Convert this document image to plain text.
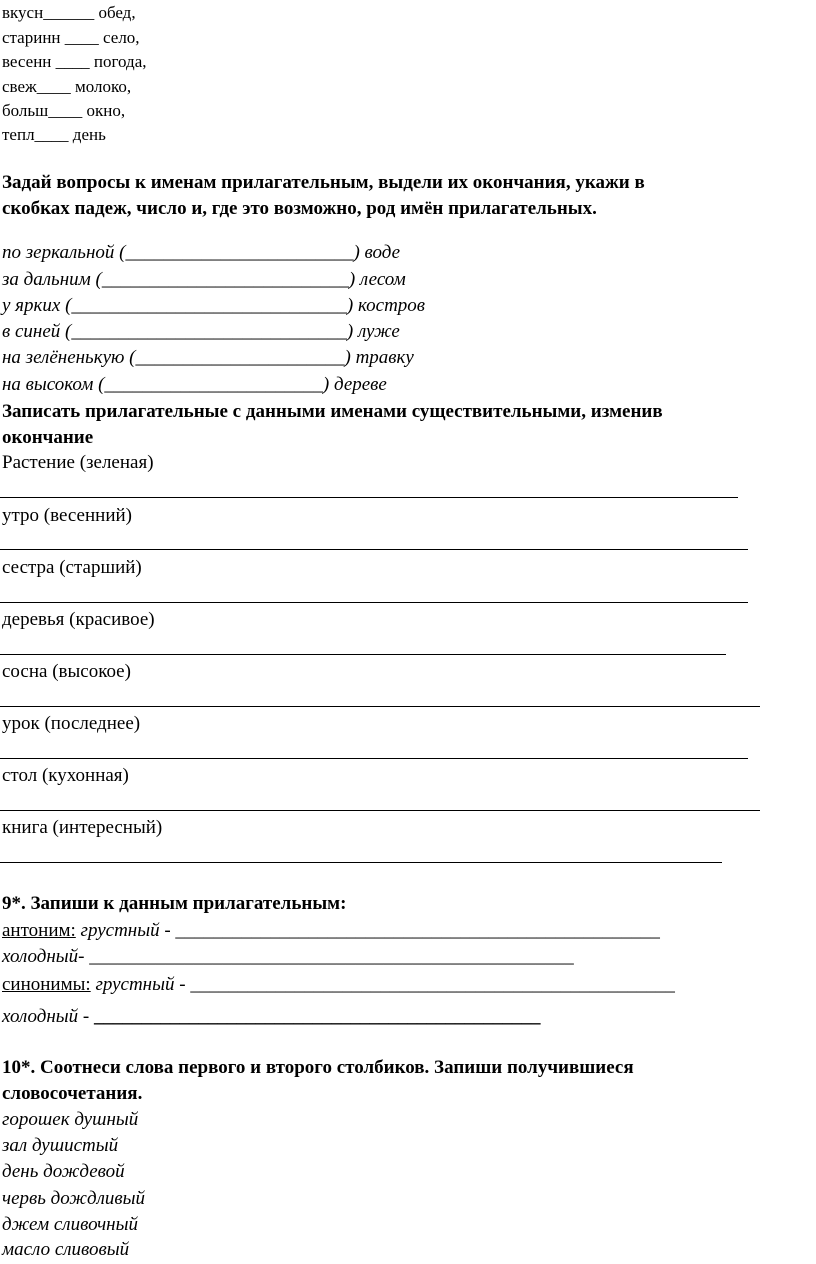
вкусн______ обед,
старинн ____ село,
весенн ____ погода,
свеж____ молоко,
больш____ окно,
тепл____ день
Задай вопросы к именам прилагательным, выдели их окончания, укажи в
скобках падеж, число и, где это возможно, род имён прилагательных.
по зеркальной (________________________) воде
за дальним (__________________________) лесом
у ярких (_____________________________) костров
в синей (_____________________________) луже
на зелёненькую (______________________) травку
на высоком (_______________________) дереве
Записать прилагательные с данными именами существительными, изменив
окончание
Растение (зеленая)
утро (весенний)
сестра (старший)
деревья (красивое)
сосна (высокое)
урок (последнее)
стол (кухонная)
книга (интересный)
9*. Запиши к данным прилагательным:
антоним: грустный - ___________________________________________________
холодный- ___________________________________________________
синонимы: грустный - ___________________________________________________
холодный - _______________________________________________
10*. Соотнеси слова первого и второго столбиков. Запиши получившиеся
словосочетания.
горошек душный
зал душистый
день дождевой
червь дождливый
джем сливочный
масло сливовый
